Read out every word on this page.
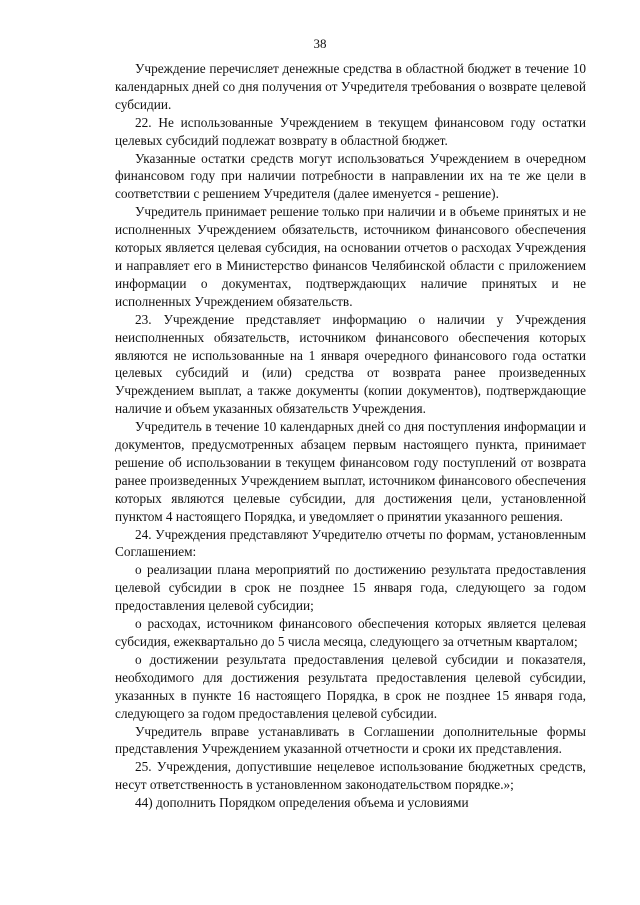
38

Учреждение перечисляет денежные средства в областной бюджет в течение 10 календарных дней со дня получения от Учредителя требования о возврате целевой субсидии.

22. Не использованные Учреждением в текущем финансовом году остатки целевых субсидий подлежат возврату в областной бюджет.

Указанные остатки средств могут использоваться Учреждением в очередном финансовом году при наличии потребности в направлении их на те же цели в соответствии с решением Учредителя (далее именуется - решение).

Учредитель принимает решение только при наличии и в объеме принятых и не исполненных Учреждением обязательств, источником финансового обеспечения которых является целевая субсидия, на основании отчетов о расходах Учреждения и направляет его в Министерство финансов Челябинской области с приложением информации о документах, подтверждающих наличие принятых и не исполненных Учреждением обязательств.

23. Учреждение представляет информацию о наличии у Учреждения неисполненных обязательств, источником финансового обеспечения которых являются не использованные на 1 января очередного финансового года остатки целевых субсидий и (или) средства от возврата ранее произведенных Учреждением выплат, а также документы (копии документов), подтверждающие наличие и объем указанных обязательств Учреждения.

Учредитель в течение 10 календарных дней со дня поступления информации и документов, предусмотренных абзацем первым настоящего пункта, принимает решение об использовании в текущем финансовом году поступлений от возврата ранее произведенных Учреждением выплат, источником финансового обеспечения которых являются целевые субсидии, для достижения цели, установленной пунктом 4 настоящего Порядка, и уведомляет о принятии указанного решения.

24. Учреждения представляют Учредителю отчеты по формам, установленным Соглашением:

о реализации плана мероприятий по достижению результата предоставления целевой субсидии в срок не позднее 15 января года, следующего за годом предоставления целевой субсидии;

о расходах, источником финансового обеспечения которых является целевая субсидия, ежеквартально до 5 числа месяца, следующего за отчетным кварталом;

о достижении результата предоставления целевой субсидии и показателя, необходимого для достижения результата предоставления целевой субсидии, указанных в пункте 16 настоящего Порядка, в срок не позднее 15 января года, следующего за годом предоставления целевой субсидии.

Учредитель вправе устанавливать в Соглашении дополнительные формы представления Учреждением указанной отчетности и сроки их представления.

25. Учреждения, допустившие нецелевое использование бюджетных средств, несут ответственность в установленном законодательством порядке.»;

44) дополнить Порядком определения объема и условиями
